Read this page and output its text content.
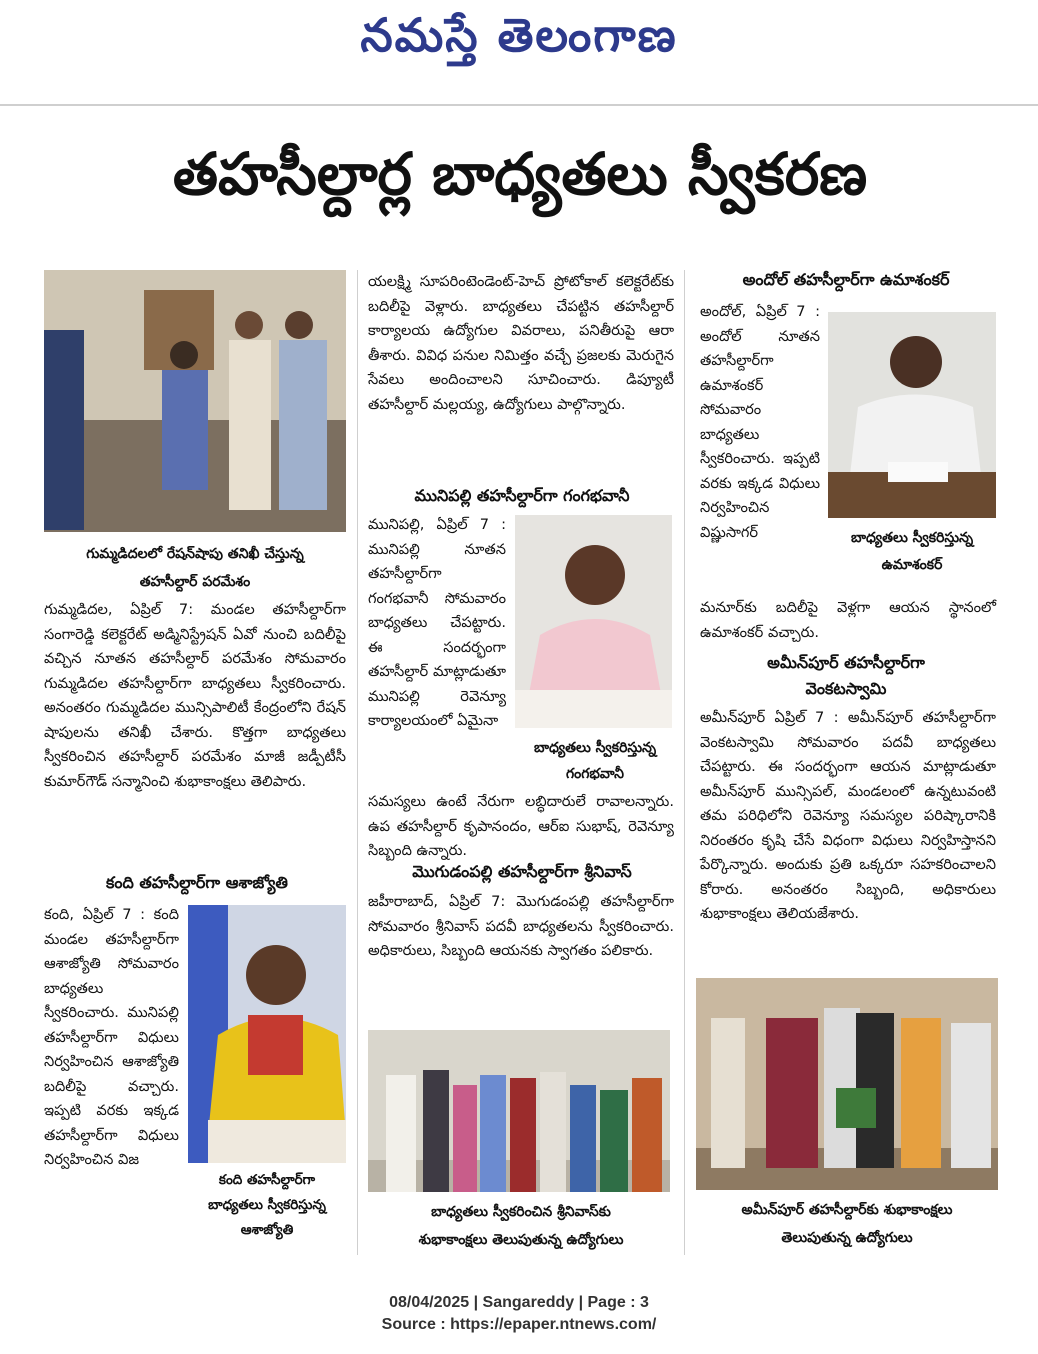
నమస్తే తెలంగాణ
తహసీల్దార్ల బాధ్యతలు స్వీకరణ
గుమ్మడిదలలో రేషన్‌షాపు తనిఖీ చేస్తున్న
తహసీల్దార్ పరమేశం
గుమ్మడిదల, ఏప్రిల్ 7: మండల తహసీల్దార్‌గా సంగారెడ్డి కలెక్టరేట్ అడ్మినిస్ట్రేషన్ ఏవో నుంచి బదిలీపై వచ్చిన నూతన తహసీల్దార్ పరమేశం సోమవారం గుమ్మడిదల తహసీల్దార్‌గా బాధ్యతలు స్వీకరించారు. అనంతరం గుమ్మడిదల మున్సిపాలిటీ కేంద్రంలోని రేషన్ షాపులను తనిఖీ చేశారు. కొత్తగా బాధ్యతలు స్వీకరించిన తహసీల్దార్ పరమేశం మాజీ జడ్పీటీసీ కుమార్‌గౌడ్ సన్మానించి శుభాకాంక్షలు తెలిపారు.
కంది తహసీల్దార్‌గా ఆశాజ్యోతి
కంది, ఏప్రిల్ 7 : కంది మండల తహసీల్దార్‌గా ఆశాజ్యోతి సోమవారం బాధ్యతలు స్వీకరించారు. మునిపల్లి తహసీల్దార్‌గా విధులు నిర్వహించిన ఆశాజ్యోతి బదిలీపై వచ్చారు. ఇప్పటి వరకు ఇక్కడ తహసీల్దార్‌గా విధులు నిర్వహించిన విజ
కంది తహసీల్దార్‌గా
బాధ్యతలు స్వీకరిస్తున్న
ఆశాజ్యోతి
యలక్ష్మి సూపరింటెండెంట్-హెచ్ ప్రోటోకాల్ కలెక్టరేట్‌కు బదిలీపై వెళ్లారు. బాధ్యతలు చేపట్టిన తహసీల్దార్ కార్యాలయ ఉద్యోగుల వివరాలు, పనితీరుపై ఆరా తీశారు. వివిధ పనుల నిమిత్తం వచ్చే ప్రజలకు మెరుగైన సేవలు అందించాలని సూచించారు. డిప్యూటీ తహసీల్దార్ మల్లయ్య, ఉద్యోగులు పాల్గొన్నారు.
మునిపల్లి తహసీల్దార్‌గా గంగభవానీ
మునిపల్లి, ఏప్రిల్ 7 : మునిపల్లి నూతన తహసీల్దార్‌గా గంగభవానీ సోమవారం బాధ్యతలు చేపట్టారు. ఈ సందర్భంగా తహసీల్దార్ మాట్లాడుతూ మునిపల్లి రెవెన్యూ కార్యాలయంలో ఏమైనా
బాధ్యతలు స్వీకరిస్తున్న
గంగభవానీ
సమస్యలు ఉంటే నేరుగా లబ్ధిదారులే రావాలన్నారు. ఉప తహసీల్దార్ కృపానందం, ఆర్‌ఐ సుభాష్, రెవెన్యూ సిబ్బంది ఉన్నారు.
మొగుడంపల్లి తహసీల్దార్‌గా శ్రీనివాస్
జహీరాబాద్, ఏప్రిల్ 7: మొగుడంపల్లి తహసీల్దార్‌గా సోమవారం శ్రీనివాస్ పదవీ బాధ్యతలను స్వీకరించారు. అధికారులు, సిబ్బంది ఆయనకు స్వాగతం పలికారు.
బాధ్యతలు స్వీకరించిన శ్రీనివాస్‌కు
శుభాకాంక్షలు తెలుపుతున్న ఉద్యోగులు
అందోల్ తహసీల్దార్‌గా ఉమాశంకర్
అందోల్, ఏప్రిల్ 7 : అందోల్ నూతన తహసీల్దార్‌గా ఉమాశంకర్ సోమవారం బాధ్యతలు స్వీకరించారు. ఇప్పటి వరకు ఇక్కడ విధులు నిర్వహించిన విష్ణుసాగర్	బాధ్యతలు స్వీకరిస్తున్న
ఉమాశంకర్
మనూర్‌కు బదిలీపై వెళ్లగా ఆయన స్థానంలో ఉమాశంకర్ వచ్చారు.
అమీన్‌పూర్ తహసీల్దార్‌గా
వెంకటస్వామి
అమీన్‌పూర్ ఏప్రిల్ 7 : అమీన్‌పూర్ తహసీల్దార్‌గా వెంకటస్వామి సోమవారం పదవీ బాధ్యతలు చేపట్టారు. ఈ సందర్భంగా ఆయన మాట్లాడుతూ అమీన్‌పూర్ మున్సిపల్, మండలంలో ఉన్నటువంటి తమ పరిధిలోని రెవెన్యూ సమస్యల పరిష్కారానికి నిరంతరం కృషి చేసే విధంగా విధులు నిర్వహిస్తానని పేర్కొన్నారు. అందుకు ప్రతి ఒక్కరూ సహకరించాలని కోరారు. అనంతరం సిబ్బంది, అధికారులు శుభాకాంక్షలు తెలియజేశారు.
అమీన్‌పూర్ తహసీల్దార్‌కు శుభాకాంక్షలు
తెలుపుతున్న ఉద్యోగులు
08/04/2025 | Sangareddy | Page : 3
Source : https://epaper.ntnews.com/
